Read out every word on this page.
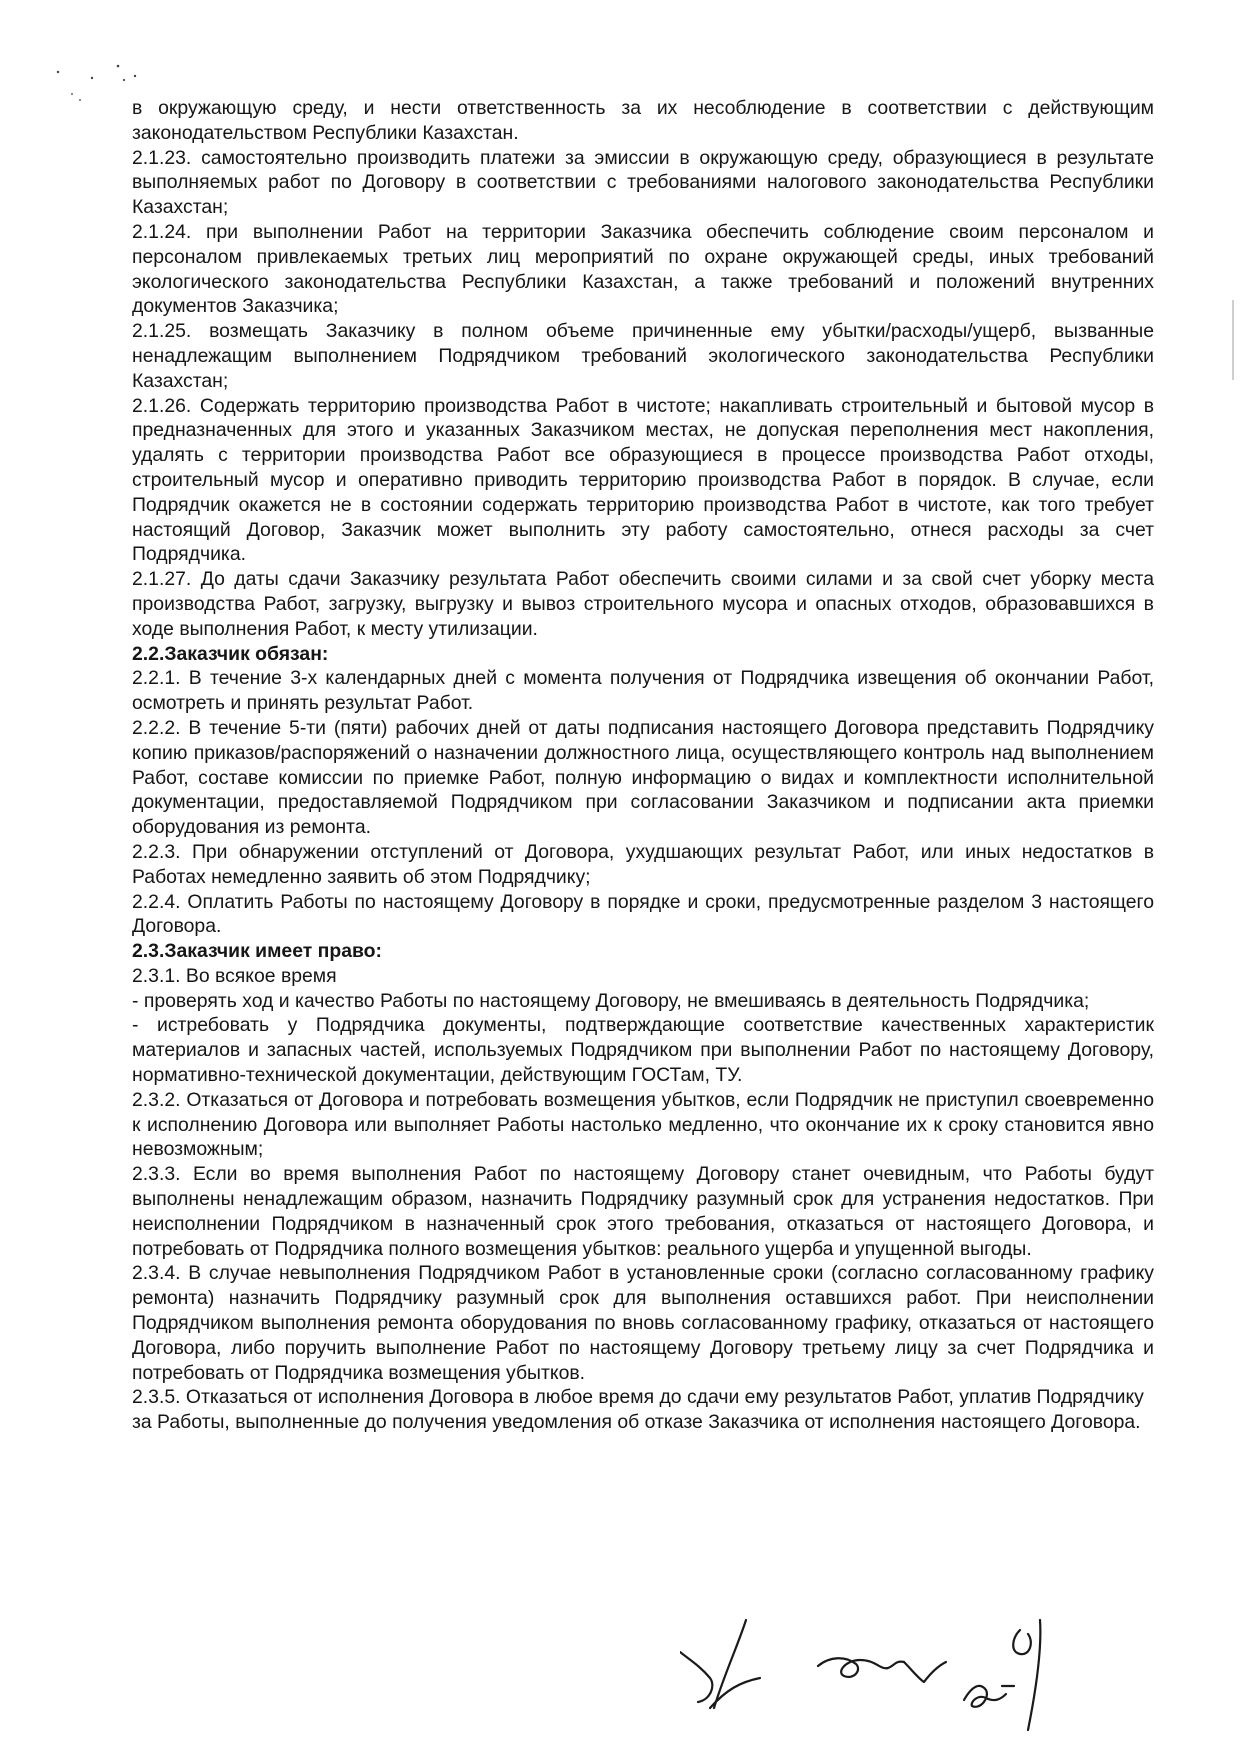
в окружающую среду, и нести ответственность за их несоблюдение в соответствии с действующим законодательством Республики Казахстан.

2.1.23. самостоятельно производить платежи за эмиссии в окружающую среду, образующиеся в результате выполняемых работ по Договору в соответствии с требованиями налогового законодательства Республики Казахстан;

2.1.24. при выполнении Работ на территории Заказчика обеспечить соблюдение своим персоналом и персоналом привлекаемых третьих лиц мероприятий по охране окружающей среды, иных требований экологического законодательства Республики Казахстан, а также требований и положений внутренних документов Заказчика;

2.1.25. возмещать Заказчику в полном объеме причиненные ему убытки/расходы/ущерб, вызванные ненадлежащим выполнением Подрядчиком требований экологического законодательства Республики Казахстан;

2.1.26. Содержать территорию производства Работ в чистоте; накапливать строительный и бытовой мусор в предназначенных для этого и указанных Заказчиком местах, не допуская переполнения мест накопления, удалять с территории производства Работ все образующиеся в процессе производства Работ отходы, строительный мусор и оперативно приводить территорию производства Работ в порядок. В случае, если Подрядчик окажется не в состоянии содержать территорию производства Работ в чистоте, как того требует настоящий Договор, Заказчик может выполнить эту работу самостоятельно, отнеся расходы за счет Подрядчика.

2.1.27. До даты сдачи Заказчику результата Работ обеспечить своими силами и за свой счет уборку места производства Работ, загрузку, выгрузку и вывоз строительного мусора и опасных отходов, образовавшихся в ходе выполнения Работ, к месту утилизации.

2.2.Заказчик обязан:

2.2.1. В течение 3-х календарных дней с момента получения от Подрядчика извещения об окончании Работ, осмотреть и принять результат Работ.

2.2.2. В течение 5-ти (пяти) рабочих дней от даты подписания настоящего Договора представить Подрядчику копию приказов/распоряжений о назначении должностного лица, осуществляющего контроль над выполнением Работ, составе комиссии по приемке Работ, полную информацию о видах и комплектности исполнительной документации, предоставляемой Подрядчиком при согласовании Заказчиком и подписании акта приемки оборудования из ремонта.

2.2.3. При обнаружении отступлений от Договора, ухудшающих результат Работ, или иных недостатков в Работах немедленно заявить об этом Подрядчику;

2.2.4. Оплатить Работы по настоящему Договору в порядке и сроки, предусмотренные разделом 3 настоящего Договора.

2.3.Заказчик имеет право:

2.3.1. Во всякое время

- проверять ход и качество Работы по настоящему Договору, не вмешиваясь в деятельность Подрядчика;

- истребовать у Подрядчика документы, подтверждающие соответствие качественных характеристик материалов и запасных частей, используемых Подрядчиком при выполнении Работ по настоящему Договору, нормативно-технической документации, действующим ГОСТам, ТУ.

2.3.2. Отказаться от Договора и потребовать возмещения убытков, если Подрядчик не приступил своевременно к исполнению Договора или выполняет Работы настолько медленно, что окончание их к сроку становится явно невозможным;

2.3.3. Если во время выполнения Работ по настоящему Договору станет очевидным, что Работы будут выполнены ненадлежащим образом, назначить Подрядчику разумный срок для устранения недостатков. При неисполнении Подрядчиком в назначенный срок этого требования, отказаться от настоящего Договора, и потребовать от Подрядчика полного возмещения убытков: реального ущерба и упущенной выгоды.

2.3.4. В случае невыполнения Подрядчиком Работ в установленные сроки (согласно согласованному графику ремонта) назначить Подрядчику разумный срок для выполнения оставшихся работ. При неисполнении Подрядчиком выполнения ремонта оборудования по вновь согласованному графику, отказаться от настоящего Договора, либо поручить выполнение Работ по настоящему Договору третьему лицу за счет Подрядчика и потребовать от Подрядчика возмещения убытков.

2.3.5. Отказаться от исполнения Договора в любое время до сдачи ему результатов Работ, уплатив Подрядчику за Работы, выполненные до получения уведомления об отказе Заказчика от исполнения настоящего Договора.
